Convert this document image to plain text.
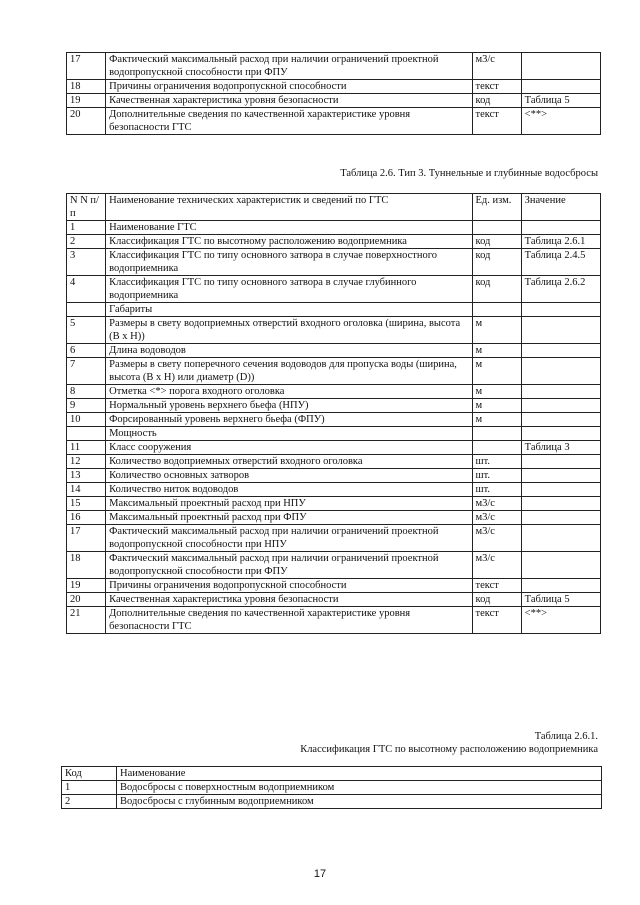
17	Фактический максимальный расход при наличии ограничений проектной водопропускной способности при ФПУ	м3/с	
18	Причины ограничения водопропускной способности	текст	
19	Качественная характеристика уровня безопасности	код	Таблица 5
20	Дополнительные сведения по качественной характеристике уровня безопасности ГТС	текст	<**>
Таблица 2.6. Тип 3. Туннельные и глубинные водосбросы
N N п/п	Наименование технических характеристик и сведений по ГТС	Ед. изм.	Значение
1	Наименование ГТС		
2	Классификация ГТС по высотному расположению водоприемника	код	Таблица 2.6.1
3	Классификация ГТС по типу основного затвора в случае поверхностного водоприемника	код	Таблица 2.4.5
4	Классификация ГТС по типу основного затвора в случае глубинного водоприемника	код	Таблица 2.6.2
	Габариты		
5	Размеры в свету водоприемных отверстий входного оголовка (ширина, высота (В х Н))	м	
6	Длина водоводов	м	
7	Размеры в свету поперечного сечения водоводов для пропуска воды (ширина, высота (В х Н) или диаметр (D))	м	
8	Отметка <*> порога входного оголовка	м	
9	Нормальный уровень верхнего бьефа (НПУ)	м	
10	Форсированный уровень верхнего бьефа (ФПУ)	м	
	Мощность		
11	Класс сооружения		Таблица 3
12	Количество водоприемных отверстий входного оголовка	шт.	
13	Количество основных затворов	шт.	
14	Количество ниток водоводов	шт.	
15	Максимальный проектный расход при НПУ	м3/с	
16	Максимальный проектный расход при ФПУ	м3/с	
17	Фактический максимальный расход при наличии ограничений проектной водопропускной способности при НПУ	м3/с	
18	Фактический максимальный расход при наличии ограничений проектной водопропускной способности при ФПУ	м3/с	
19	Причины ограничения водопропускной способности	текст	
20	Качественная характеристика уровня безопасности	код	Таблица 5
21	Дополнительные сведения по качественной характеристике уровня безопасности ГТС	текст	<**>
Таблица 2.6.1.
Классификация ГТС по высотному расположению водоприемника
Код	Наименование
1	Водосбросы с поверхностным водоприемником
2	Водосбросы с глубинным водоприемником
17
